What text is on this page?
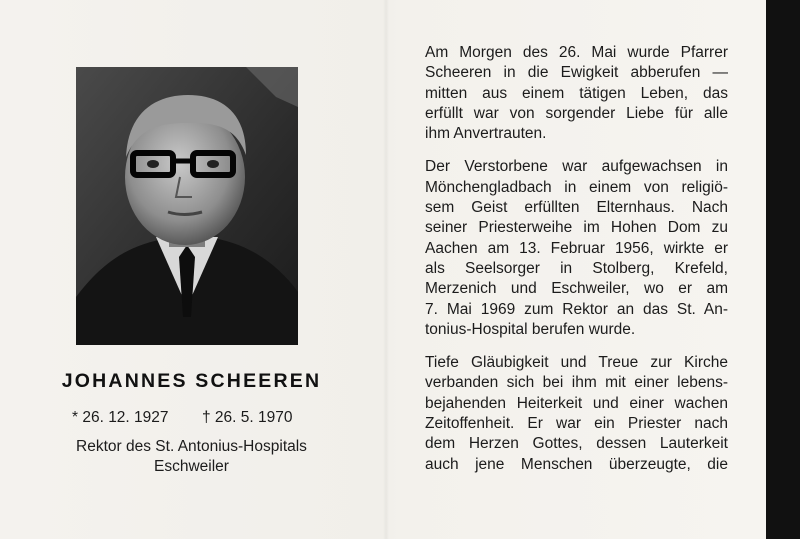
JOHANNES SCHEEREN
* 26. 12. 1927 † 26. 5. 1970
Rektor des St. Antonius-Hospitals
Eschweiler
Am Morgen des 26. Mai wurde Pfarrer
Scheeren in die Ewigkeit abberufen —
mitten aus einem tätigen Leben, das
erfüllt war von sorgender Liebe für alle
ihm Anvertrauten.
Der Verstorbene war aufgewachsen in
Mönchengladbach in einem von religiö-
sem Geist erfüllten Elternhaus. Nach
seiner Priesterweihe im Hohen Dom zu
Aachen am 13. Februar 1956, wirkte er
als Seelsorger in Stolberg, Krefeld,
Merzenich und Eschweiler, wo er am
7. Mai 1969 zum Rektor an das St. An-
tonius-Hospital berufen wurde.
Tiefe Gläubigkeit und Treue zur Kirche
verbanden sich bei ihm mit einer lebens-
bejahenden Heiterkeit und einer wachen
Zeitoffenheit. Er war ein Priester nach
dem Herzen Gottes, dessen Lauterkeit
auch jene Menschen überzeugte, die
